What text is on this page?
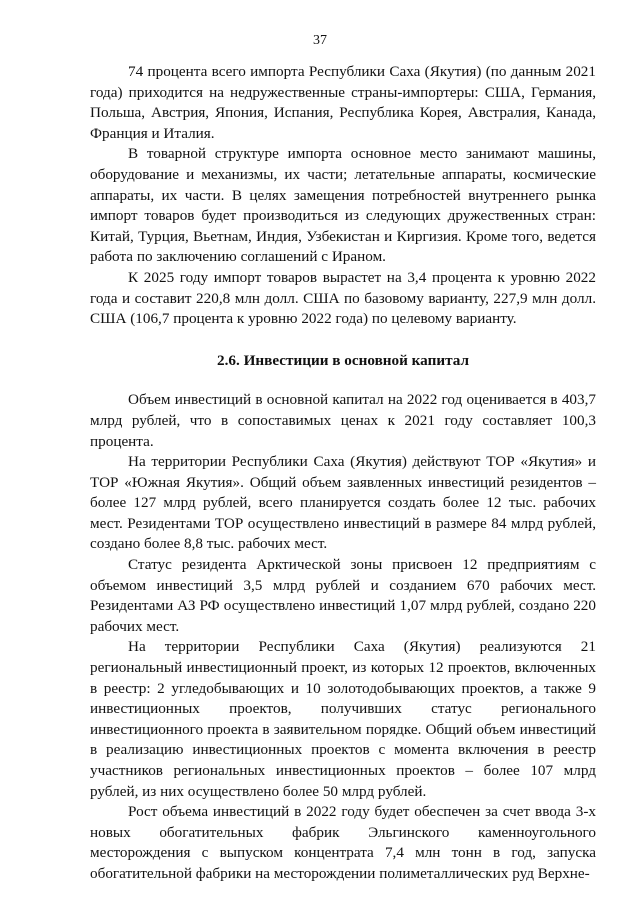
37

74 процента всего импорта Республики Саха (Якутия) (по данным 2021 года) приходится на недружественные страны-импортеры: США, Германия, Польша, Австрия, Япония, Испания, Республика Корея, Австралия, Канада, Франция и Италия.

В товарной структуре импорта основное место занимают машины, оборудование и механизмы, их части; летательные аппараты, космические аппараты, их части. В целях замещения потребностей внутреннего рынка импорт товаров будет производиться из следующих дружественных стран: Китай, Турция, Вьетнам, Индия, Узбекистан и Киргизия. Кроме того, ведется работа по заключению соглашений с Ираном.

К 2025 году импорт товаров вырастет на 3,4 процента к уровню 2022 года и составит 220,8 млн долл. США по базовому варианту, 227,9 млн долл. США (106,7 процента к уровню 2022 года) по целевому варианту.

2.6. Инвестиции в основной капитал

Объем инвестиций в основной капитал на 2022 год оценивается в 403,7 млрд рублей, что в сопоставимых ценах к 2021 году составляет 100,3 процента.

На территории Республики Саха (Якутия) действуют ТОР «Якутия» и ТОР «Южная Якутия». Общий объем заявленных инвестиций резидентов – более 127 млрд рублей, всего планируется создать более 12 тыс. рабочих мест. Резидентами ТОР осуществлено инвестиций в размере 84 млрд рублей, создано более 8,8 тыс. рабочих мест.

Статус резидента Арктической зоны присвоен 12 предприятиям с объемом инвестиций 3,5 млрд рублей и созданием 670 рабочих мест. Резидентами АЗ РФ осуществлено инвестиций 1,07 млрд рублей, создано 220 рабочих мест.

На территории Республики Саха (Якутия) реализуются 21 региональный инвестиционный проект, из которых 12 проектов, включенных в реестр: 2 угледобывающих и 10 золотодобывающих проектов, а также 9 инвестиционных проектов, получивших статус регионального инвестиционного проекта в заявительном порядке. Общий объем инвестиций в реализацию инвестиционных проектов с момента включения в реестр участников региональных инвестиционных проектов – более 107 млрд рублей, из них осуществлено более 50 млрд рублей.

Рост объема инвестиций в 2022 году будет обеспечен за счет ввода 3-х новых обогатительных фабрик Эльгинского каменноугольного месторождения с выпуском концентрата 7,4 млн тонн в год, запуска обогатительной фабрики на месторождении полиметаллических руд Верхне-
